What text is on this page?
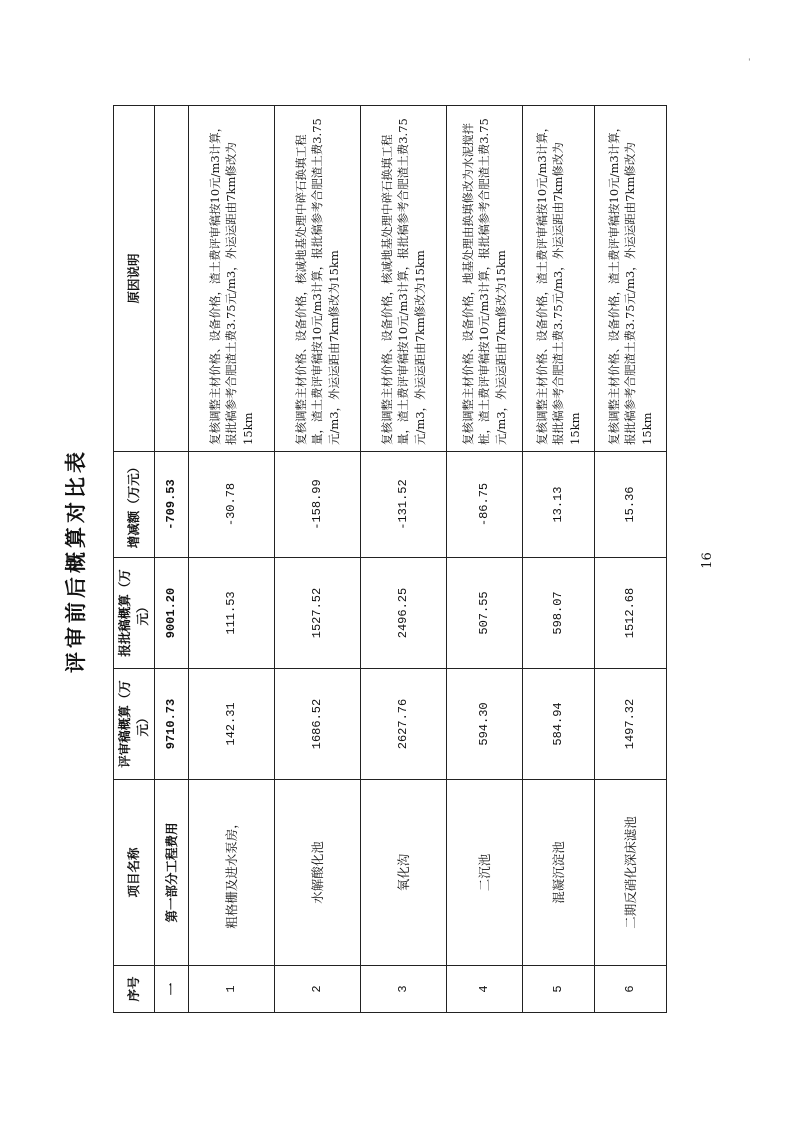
评审前后概算对比表
序号	项目名称	评审稿概算（万元）	报批稿概算（万元）	增减额（万元）	原因说明
一	第一部分工程费用	9710.73	9001.20	-709.53	
1	粗格栅及进水泵房，	142.31	111.53	-30.78	复核调整主材价格、设备价格，渣土费评审稿按10元/m3计算，报批稿参考合肥渣土费3.75元/m3，外运运距由7km修改为15km
2	水解酸化池	1686.52	1527.52	-158.99	复核调整主材价格、设备价格，核减地基处理中碎石换填工程量，渣土费评审稿按10元/m3计算，报批稿参考合肥渣土费3.75元/m3，外运运距由7km修改为15km
3	氧化沟	2627.76	2496.25	-131.52	复核调整主材价格、设备价格，核减地基处理中碎石换填工程量，渣土费评审稿按10元/m3计算，报批稿参考合肥渣土费3.75元/m3，外运运距由7km修改为15km
4	二沉池	594.30	507.55	-86.75	复核调整主材价格、设备价格，地基处理由换填修改为水泥搅拌桩，渣土费评审稿按10元/m3计算，报批稿参考合肥渣土费3.75元/m3，外运运距由7km修改为15km
5	混凝沉淀池	584.94	598.07	13.13	复核调整主材价格、设备价格，渣土费评审稿按10元/m3计算，报批稿参考合肥渣土费3.75元/m3，外运运距由7km修改为15km
6	二期反硝化深床滤池	1497.32	1512.68	15.36	复核调整主材价格、设备价格，渣土费评审稿按10元/m3计算，报批稿参考合肥渣土费3.75元/m3，外运运距由7km修改为15km
16
-
